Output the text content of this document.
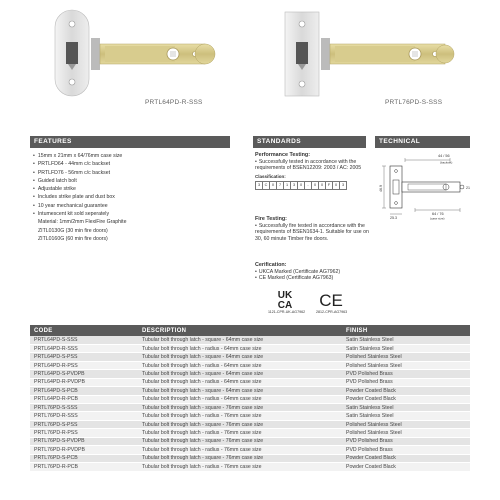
PRTL64PD-R-SSS	PRTL76PD-S-SSS
FEATURES	STANDARDS	TECHNICAL
• 15mm x 21mm x 64/76mm case size
• PRTLFD64 - 44mm c/c backset
• PRTLFD76 - 56mm c/c backset
• Guided latch bolt
• Adjustable strike
• Includes strike plate and dust box
• 10 year mechanical guarantee
• Intumescent kit sold seperately
Material: 1mm/2mm FlexiFire Graphite
ZITL0130G (30 min fire doors)
ZITL0160G (60 min fire doors)
Performance Testing:
• Successfully tested in accordance with the requirements of BSEN12209: 2003 / AC: 2005
Classification:
3	C	X	7	1	3	0	-	0	0	F	0	3
Fire Testing:
• Successfully fire tested in accordance with the requirements of BSEN1634-1. Suitable for use on 30, 60 minute Timber fire doors.
Cerification:
• UKCA Marked (Certificate AG7962)
• CE Marked (Certificate AG7963)
UK
CA CE
1121-CPR-UK-AG7962	2812-CPR-AG7963
44 / 56
(backset)
46.9
25.3
64 / 76
(case size)
21
CODE	DESCRIPTION	FINISH
PRTL64PD-S-SSS	Tubular bolt through latch - square - 64mm case size	Satin Stainless Steel
PRTL64PD-R-SSS	Tubular bolt through latch - radius - 64mm case size	Satin Stainless Steel
PRTL64PD-S-PSS	Tubular bolt through latch - square - 64mm case size	Polished Stainless Steel
PRTL64PD-R-PSS	Tubular bolt through latch - radius - 64mm case size	Polished Stainless Steel
PRTL64PD-S-PVDPB	Tubular bolt through latch - square - 64mm case size	PVD Polished Brass
PRTL64PD-R-PVDPB	Tubular bolt through latch - radius - 64mm case size	PVD Polished Brass
PRTL64PD-S-PCB	Tubular bolt through latch - square - 64mm case size	Powder Coated Black
PRTL64PD-R-PCB	Tubular bolt through latch - radius - 64mm case size	Powder Coated Black
PRTL76PD-S-SSS	Tubular bolt through latch - square - 76mm case size	Satin Stainless Steel
PRTL76PD-R-SSS	Tubular bolt through latch - radius - 76mm case size	Satin Stainless Steel
PRTL76PD-S-PSS	Tubular bolt through latch - square - 76mm case size	Polished Stainless Steel
PRTL76PD-R-PSS	Tubular bolt through latch - radius - 76mm case size	Polished Stainless Steel
PRTL76PD-S-PVDPB	Tubular bolt through latch - square - 76mm case size	PVD Polished Brass
PRTL76PD-R-PVDPB	Tubular bolt through latch - radius - 76mm case size	PVD Polished Brass
PRTL76PD-S-PCB	Tubular bolt through latch - square - 76mm case size	Powder Coated Black
PRTL76PD-R-PCB	Tubular bolt through latch - radius - 76mm case size	Powder Coated Black
